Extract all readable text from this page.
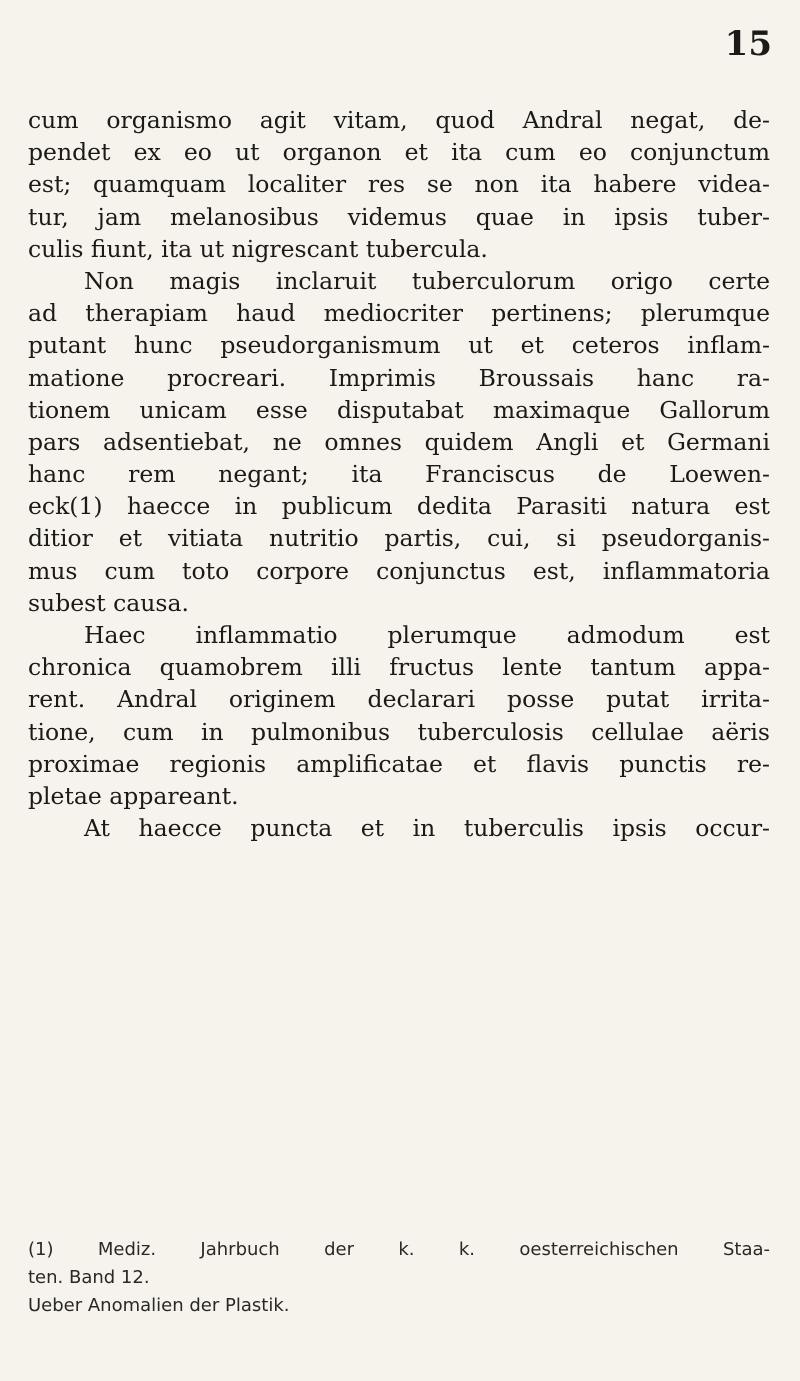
15
cum organismo agit vitam, quod Andral negat, de-
pendet ex eo ut organon et ita cum eo conjunctum
est; quamquam localiter res se non ita habere videa-
tur, jam melanosibus videmus quae in ipsis tuber-
culis fiunt, ita ut nigrescant tubercula.
Non magis inclaruit tuberculorum origo certe
ad therapiam haud mediocriter pertinens; plerumque
putant hunc pseudorganismum ut et ceteros inflam-
matione procreari. Imprimis Broussais hanc ra-
tionem unicam esse disputabat maximaque Gallorum
pars adsentiebat, ne omnes quidem Angli et Germani
hanc rem negant; ita Franciscus de Loewen-
eck(1) haecce in publicum dedita Parasiti natura est
ditior et vitiata nutritio partis, cui, si pseudorganis-
mus cum toto corpore conjunctus est, inflammatoria
subest causa.
Haec inflammatio plerumque admodum est
chronica quamobrem illi fructus lente tantum appa-
rent. Andral originem declarari posse putat irrita-
tione, cum in pulmonibus tuberculosis cellulae aëris
proximae regionis amplificatae et flavis punctis re-
pletae appareant.
At haecce puncta et in tuberculis ipsis occur-
(1) Mediz. Jahrbuch der k. k. oesterreichischen Staa-
ten. Band 12.
Ueber Anomalien der Plastik.
